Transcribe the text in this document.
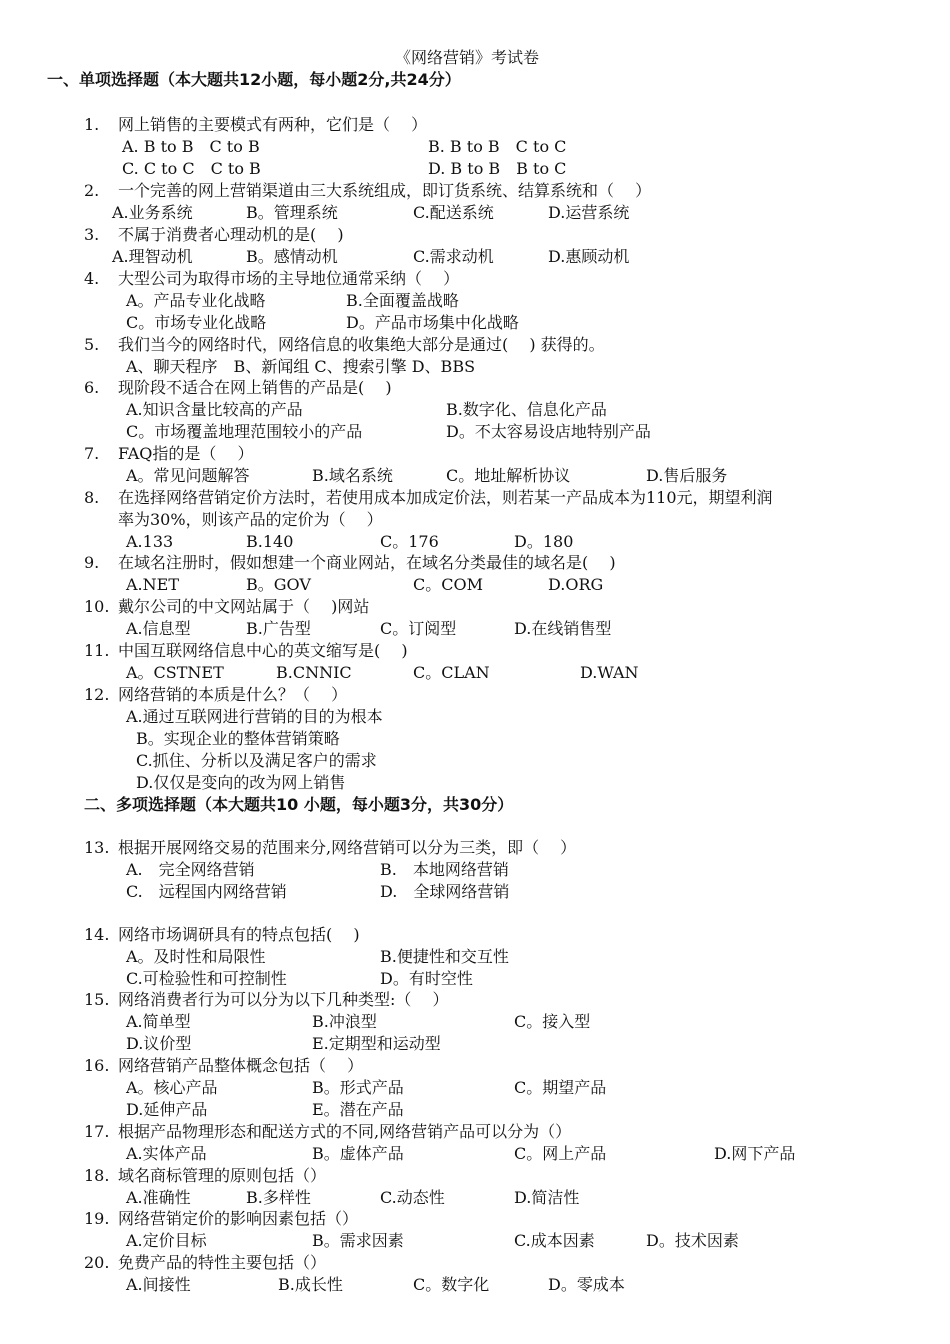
《网络营销》考试卷
一、单项选择题（本大题共12小题，每小题2分,共24分）
1. 网上销售的主要模式有两种，它们是（　 ）
A. B to B　C to B	B. B to B　C to C
C. C to C　C to B	D. B to B　B to C
2. 一个完善的网上营销渠道由三大系统组成，即订货系统、结算系统和（　 ）
A.业务系统	B。管理系统	C.配送系统	D.运营系统
3. 不属于消费者心理动机的是(　 )
A.理智动机	B。感情动机	C.需求动机	D.惠顾动机
4. 大型公司为取得市场的主导地位通常采纳（　 ）
A。产品专业化战略	B.全面覆盖战略
C。市场专业化战略	D。产品市场集中化战略
5. 我们当今的网络时代，网络信息的收集绝大部分是通过(　 ) 获得的。
A、聊天程序　B、新闻组 C、搜索引擎 D、BBS
6. 现阶段不适合在网上销售的产品是(　 )
A.知识含量比较高的产品	B.数字化、信息化产品
C。市场覆盖地理范围较小的产品	D。不太容易设店地特别产品
7. FAQ指的是（　 ）
A。常见问题解答	B.域名系统	C。地址解析协议	D.售后服务
8. 在选择网络营销定价方法时，若使用成本加成定价法，则若某一产品成本为110元，期望利润
率为30%，则该产品的定价为（　 ）
A.133	B.140	C。176	D。180
9. 在域名注册时，假如想建一个商业网站，在域名分类最佳的域名是(　 )
A.NET	B。GOV	C。COM	D.ORG
10. 戴尔公司的中文网站属于（　 )网站
A.信息型	B.广告型	C。订阅型	D.在线销售型
11. 中国互联网络信息中心的英文缩写是(　 )
A。CSTNET	B.CNNIC	C。CLAN	D.WAN
12. 网络营销的本质是什么？（　 ）
A.通过互联网进行营销的目的为根本
B。实现企业的整体营销策略
C.抓住、分析以及满足客户的需求
D.仅仅是变向的改为网上销售
二、多项选择题（本大题共10 小题，每小题3分，共30分）
13. 根据开展网络交易的范围来分,网络营销可以分为三类，即（　 ）
A.　完全网络营销	B.　本地网络营销
C.　远程国内网络营销	D.　全球网络营销
14. 网络市场调研具有的特点包括(　 )
A。及时性和局限性	B.便捷性和交互性
C.可检验性和可控制性	D。有时空性
15. 网络消费者行为可以分为以下几种类型:（　 ）
A.简单型	B.冲浪型	C。接入型
D.议价型	E.定期型和运动型
16. 网络营销产品整体概念包括（　 ）
A。核心产品	B。形式产品	C。期望产品
D.延伸产品	E。潜在产品
17. 根据产品物理形态和配送方式的不同,网络营销产品可以分为（）
A.实体产品	B。虚体产品	C。网上产品	D.网下产品
18. 域名商标管理的原则包括（）
A.准确性	B.多样性	C.动态性	D.简洁性
19. 网络营销定价的影响因素包括（）
A.定价目标	B。需求因素	C.成本因素	D。技术因素
20. 免费产品的特性主要包括（）
A.间接性	B.成长性	C。数字化	D。零成本
